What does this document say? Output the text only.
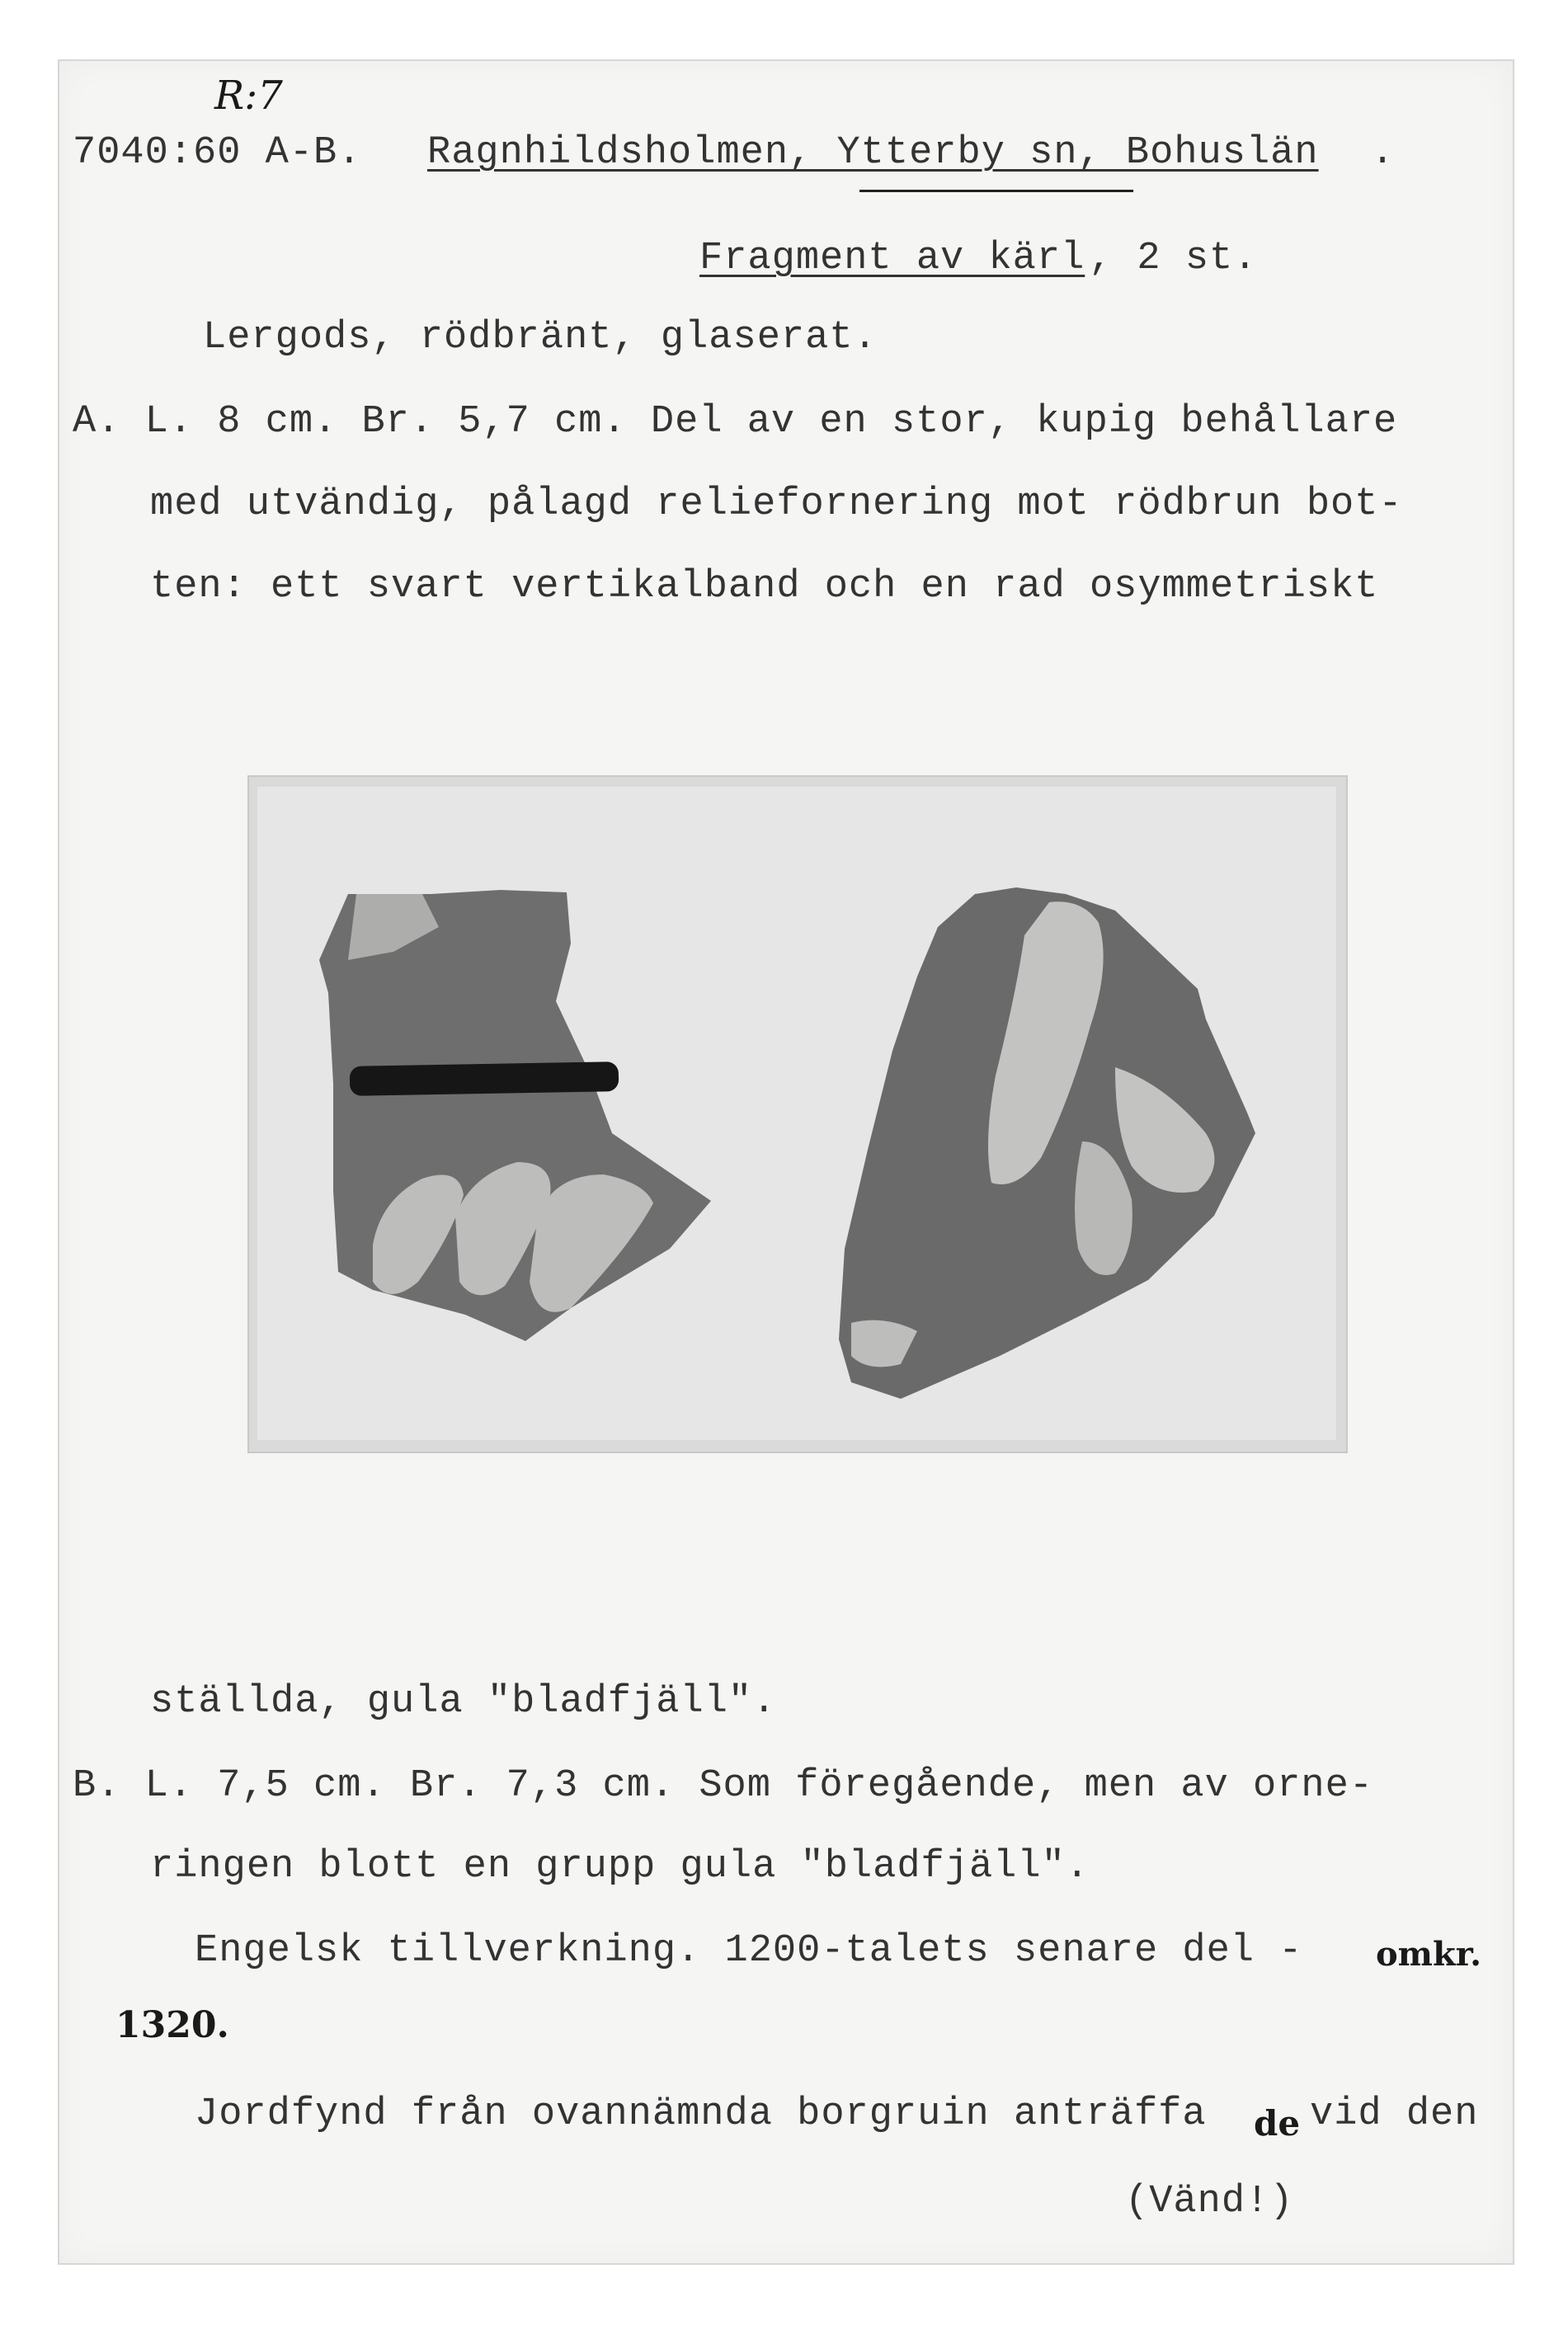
R:7
7040:60 A-B. Ragnhildsholmen, Ytterby sn, Bohuslän .
Fragment av kärl , 2 st.
Lergods, rödbränt, glaserat.
A. L. 8 cm. Br. 5,7 cm. Del av en stor, kupig behållare
med utvändig, pålagd reliefornering mot rödbrun bot-
ten: ett svart vertikalband och en rad osymmetriskt
ställda, gula "bladfjäll".
B. L. 7,5 cm. Br. 7,3 cm. Som föregående, men av orne-
ringen blott en grupp gula "bladfjäll".
Engelsk tillverkning. 1200-talets senare del - omkr.
1320.
Jordfynd från ovannämnda borgruin anträffa de vid den
(Vänd!)
